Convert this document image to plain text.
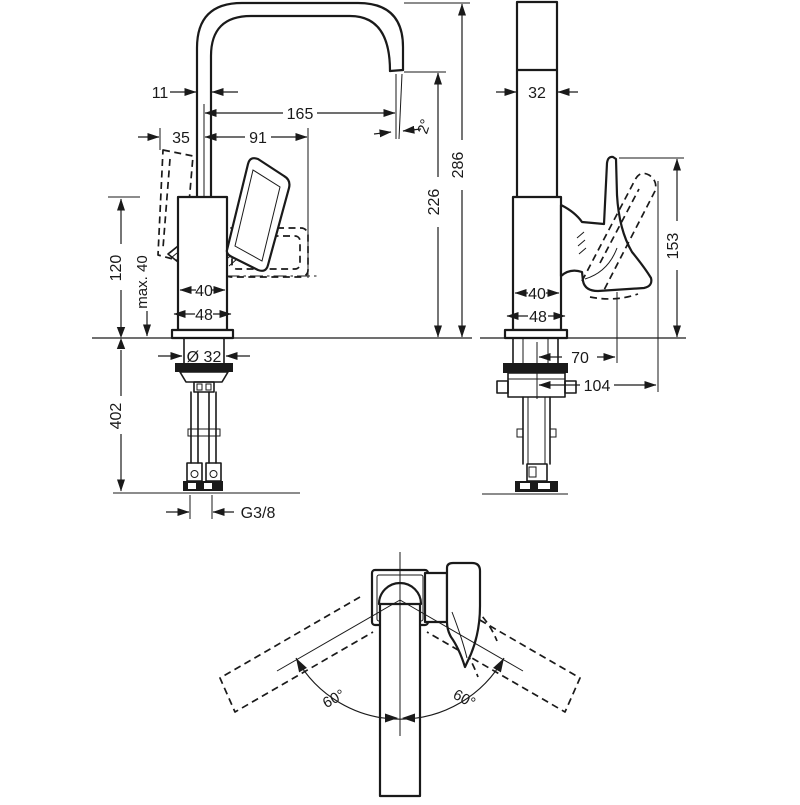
11
165
35	91
2°
286
226
120 max. 40	40
48
Ø 32
402
G3/8
32
153
40
48
70
104
60°	60°
